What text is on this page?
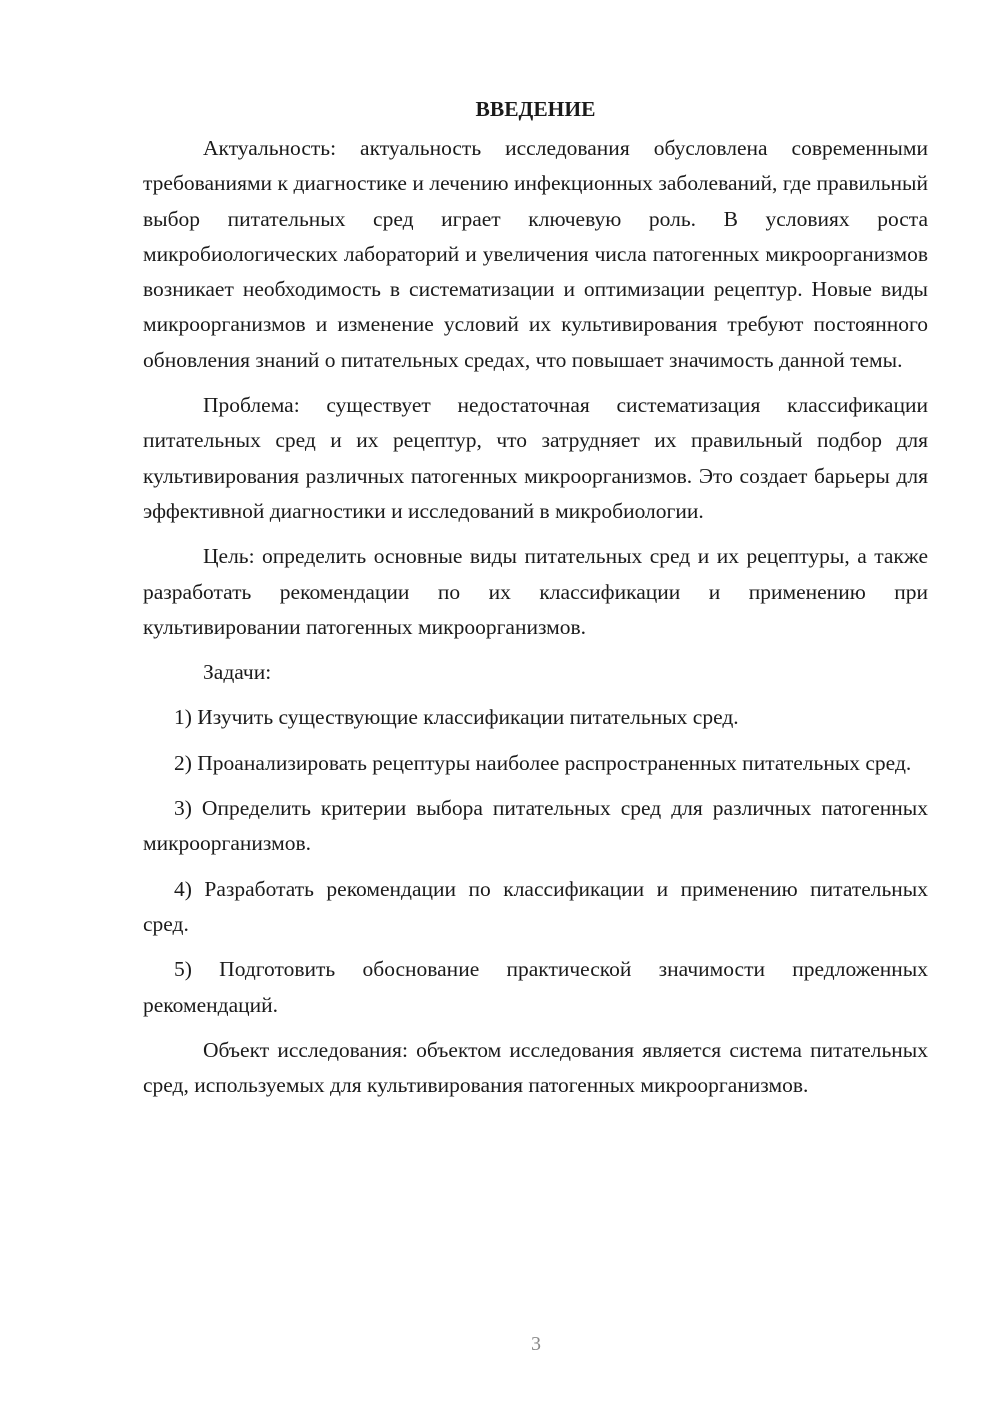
ВВЕДЕНИЕ

Актуальность: актуальность исследования обусловлена современными требованиями к диагностике и лечению инфекционных заболеваний, где правильный выбор питательных сред играет ключевую роль. В условиях роста микробиологических лабораторий и увеличения числа патогенных микроорганизмов возникает необходимость в систематизации и оптимизации рецептур. Новые виды микроорганизмов и изменение условий их культивирования требуют постоянного обновления знаний о питательных средах, что повышает значимость данной темы.

Проблема: существует недостаточная систематизация классификации питательных сред и их рецептур, что затрудняет их правильный подбор для культивирования различных патогенных микроорганизмов. Это создает барьеры для эффективной диагностики и исследований в микробиологии.

Цель: определить основные виды питательных сред и их рецептуры, а также разработать рекомендации по их классификации и применению при культивировании патогенных микроорганизмов.

Задачи:

1) Изучить существующие классификации питательных сред.

2) Проанализировать рецептуры наиболее распространенных питательных сред.

3) Определить критерии выбора питательных сред для различных патогенных микроорганизмов.

4) Разработать рекомендации по классификации и применению питательных сред.

5) Подготовить обоснование практической значимости предложенных рекомендаций.

Объект исследования: объектом исследования является система питательных сред, используемых для культивирования патогенных микроорганизмов.

3
